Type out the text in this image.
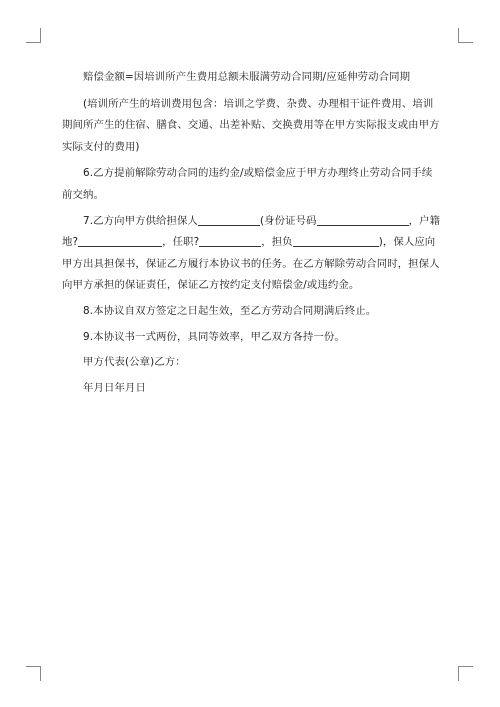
赔偿金额=因培训所产生费用总额未服满劳动合同期/应延伸劳动合同期

(培训所产生的培训费用包含：培训之学费、杂费、办理相干证件费用、培训期间所产生的住宿、膳食、交通、出差补贴、交换费用等在甲方实际报支或由甲方实际支付的费用)

6.乙方提前解除劳动合同的违约金/或赔偿金应于甲方办理终止劳动合同手续前交纳。

7.乙方向甲方供给担保人	(身份证号码	，户籍地?	，任职?	，担负	)，保人应向甲方出具担保书，保证乙方履行本协议书的任务。在乙方解除劳动合同时，担保人向甲方承担的保证责任，保证乙方按约定支付赔偿金/或违约金。

8.本协议自双方签定之日起生效，至乙方劳动合同期满后终止。

9.本协议书一式两份，具同等效率，甲乙双方各持一份。

甲方代表(公章)乙方：

年月日年月日
